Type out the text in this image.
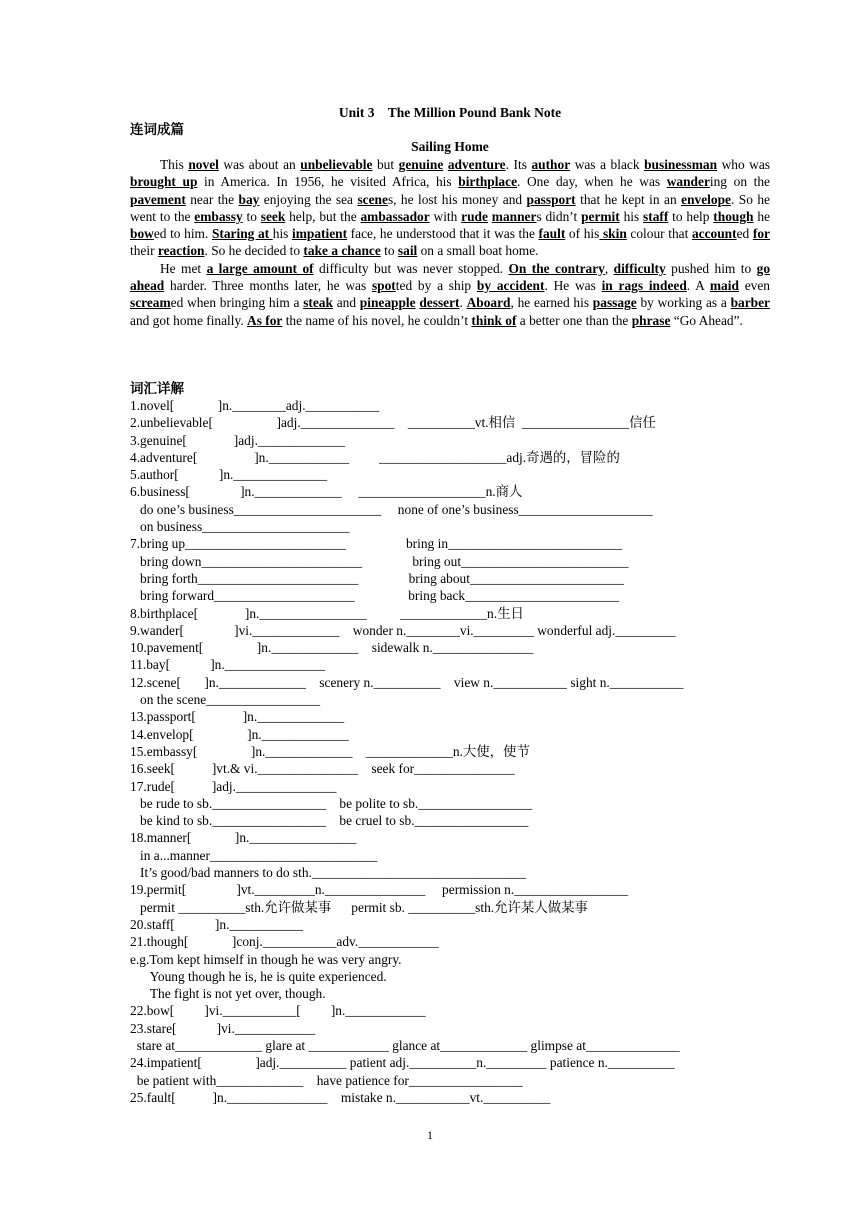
Unit 3    The Million Pound Bank Note
连词成篇
Sailing Home

This novel was about an unbelievable but genuine adventure. Its author was a black businessman who was brought up in America. In 1956, he visited Africa, his birthplace. One day, when he was wandering on the pavement near the bay enjoying the sea scenes, he lost his money and passport that he kept in an envelope. So he went to the embassy to seek help, but the ambassador with rude manners didn’t permit his staff to help though he bowed to him. Staring at his impatient face, he understood that it was the fault of his skin colour that accounted for their reaction. So he decided to take a chance to sail on a small boat home.

He met a large amount of difficulty but was never stopped. On the contrary, difficulty pushed him to go ahead harder. Three months later, he was spotted by a ship by accident. He was in rags indeed. A maid even screamed when bringing him a steak and pineapple dessert. Aboard, he earned his passage by working as a barber and got home finally. As for the name of his novel, he couldn’t think of a better one than the phrase “Go Ahead”.

词汇详解
1.novel[             ]n.________adj.___________
2.unbelievable[                   ]adj.______________    __________vt.相信  ________________信任
3.genuine[              ]adj._____________
4.adventure[                 ]n.____________         ___________________adj.奇遇的，冒险的
5.author[            ]n.______________
6.business[               ]n._____________     ___________________n.商人
do one’s business______________________     none of one’s business____________________
on business______________________
7.bring up________________________                  bring in__________________________
bring down________________________               bring out_________________________
bring forth________________________               bring about_______________________
bring forward_____________________                bring back_______________________
8.birthplace[              ]n.________________          _____________n.生日
9.wander[               ]vi._____________    wonder n.________vi._________ wonderful adj._________
10.pavement[                ]n._____________    sidewalk n._______________
11.bay[            ]n._______________
12.scene[       ]n._____________    scenery n.__________    view n.___________ sight n.___________
on the scene_________________
13.passport[              ]n._____________
14.envelop[                ]n._____________
15.embassy[                ]n._____________    _____________n.大使，使节
16.seek[           ]vt.& vi._______________    seek for_______________
17.rude[           ]adj._______________
be rude to sb._________________    be polite to sb._________________
be kind to sb._________________    be cruel to sb._________________
18.manner[             ]n.________________
in a...manner_________________________
It’s good/bad manners to do sth.________________________________
19.permit[               ]vt._________n._______________     permission n._________________
permit __________sth.允许做某事      permit sb. __________sth.允许某人做某事
20.staff[            ]n.___________
21.though[             ]conj.___________adv.____________
e.g.Tom kept himself in though he was very angry.
Young though he is, he is quite experienced.
The fight is not yet over, though.
22.bow[         ]vi.___________[         ]n.____________
23.stare[            ]vi.____________
stare at_____________ glare at ____________ glance at_____________ glimpse at______________
24.impatient[                ]adj.__________ patient adj.__________n._________ patience n.__________
be patient with_____________    have patience for_________________
25.fault[           ]n._______________    mistake n.___________vt.__________
1
